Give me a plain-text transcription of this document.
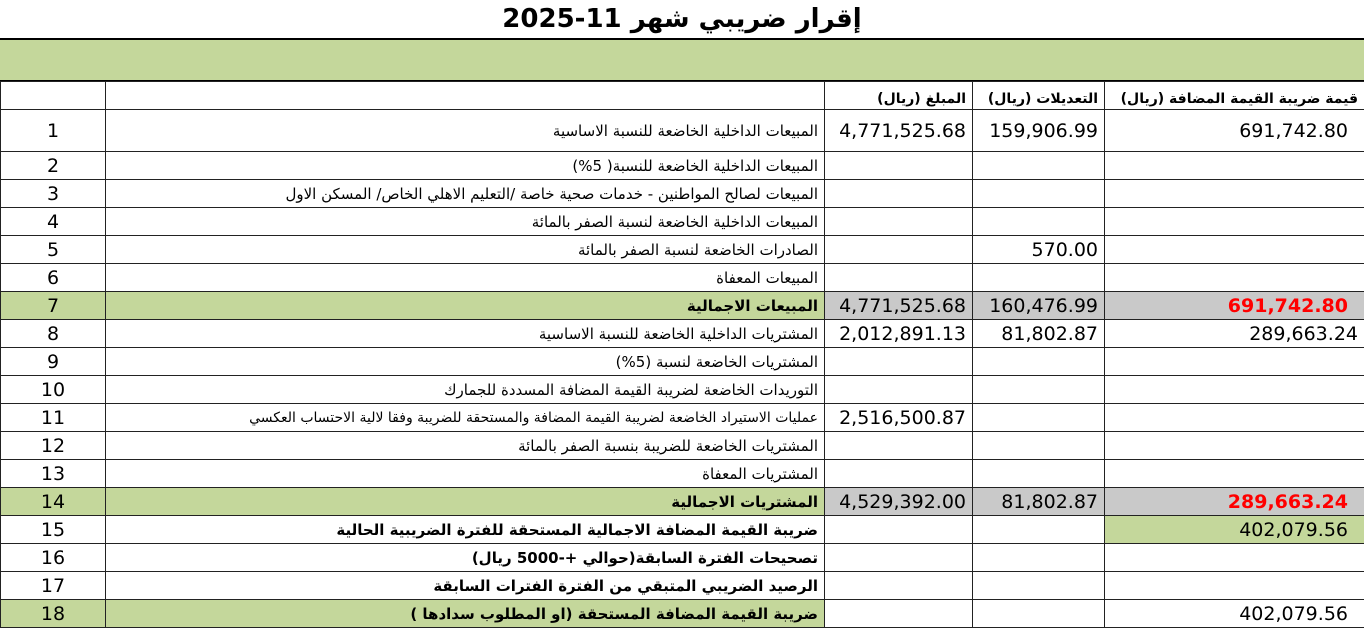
إقرار ضريبي شهر 11-2025
		المبلغ (ريال)	التعديلات (ريال)	قيمة ضريبة القيمة المضافة (ريال)
1	المبيعات الداخلية الخاضعة للنسبة الاساسية	4,771,525.68	159,906.99	691,742.80
2	المبيعات الداخلية الخاضعة للنسبة( 5%)			
3	المبيعات لصالح المواطنين - خدمات صحية خاصة /التعليم الاهلي الخاص/ المسكن الاول			
4	المبيعات الداخلية الخاضعة لنسبة الصفر بالمائة			
5	الصادرات الخاضعة لنسبة الصفر بالمائة		570.00	
6	المبيعات المعفاة			
7	المبيعات الاجمالية	4,771,525.68	160,476.99	691,742.80
8	المشتريات الداخلية الخاضعة للنسبة الاساسية	2,012,891.13	81,802.87	289,663.24
9	المشتريات الخاضعة لنسبة (5%)			
10	التوريدات الخاضعة لضريبة القيمة المضافة المسددة للجمارك			
11	عمليات الاستيراد الخاضعة لضريبة القيمة المضافة والمستحقة للضريبة وفقا لالية الاحتساب العكسي	2,516,500.87		
12	المشتريات الخاضعة للضريبة بنسبة الصفر بالمائة			
13	المشتريات المعفاة			
14	المشتريات الاجمالية	4,529,392.00	81,802.87	289,663.24
15	ضريبة القيمة المضافة الاجمالية المستحقة للفترة الضريبية الحالية			402,079.56
16	تصحيحات الفترة السابقة(حوالي +-5000 ريال)			
17	الرصيد الضريبي المتبقي من الفترة الفترات السابقة			
18	ضريبة القيمة المضافة المستحقة (او المطلوب سدادها )			402,079.56
